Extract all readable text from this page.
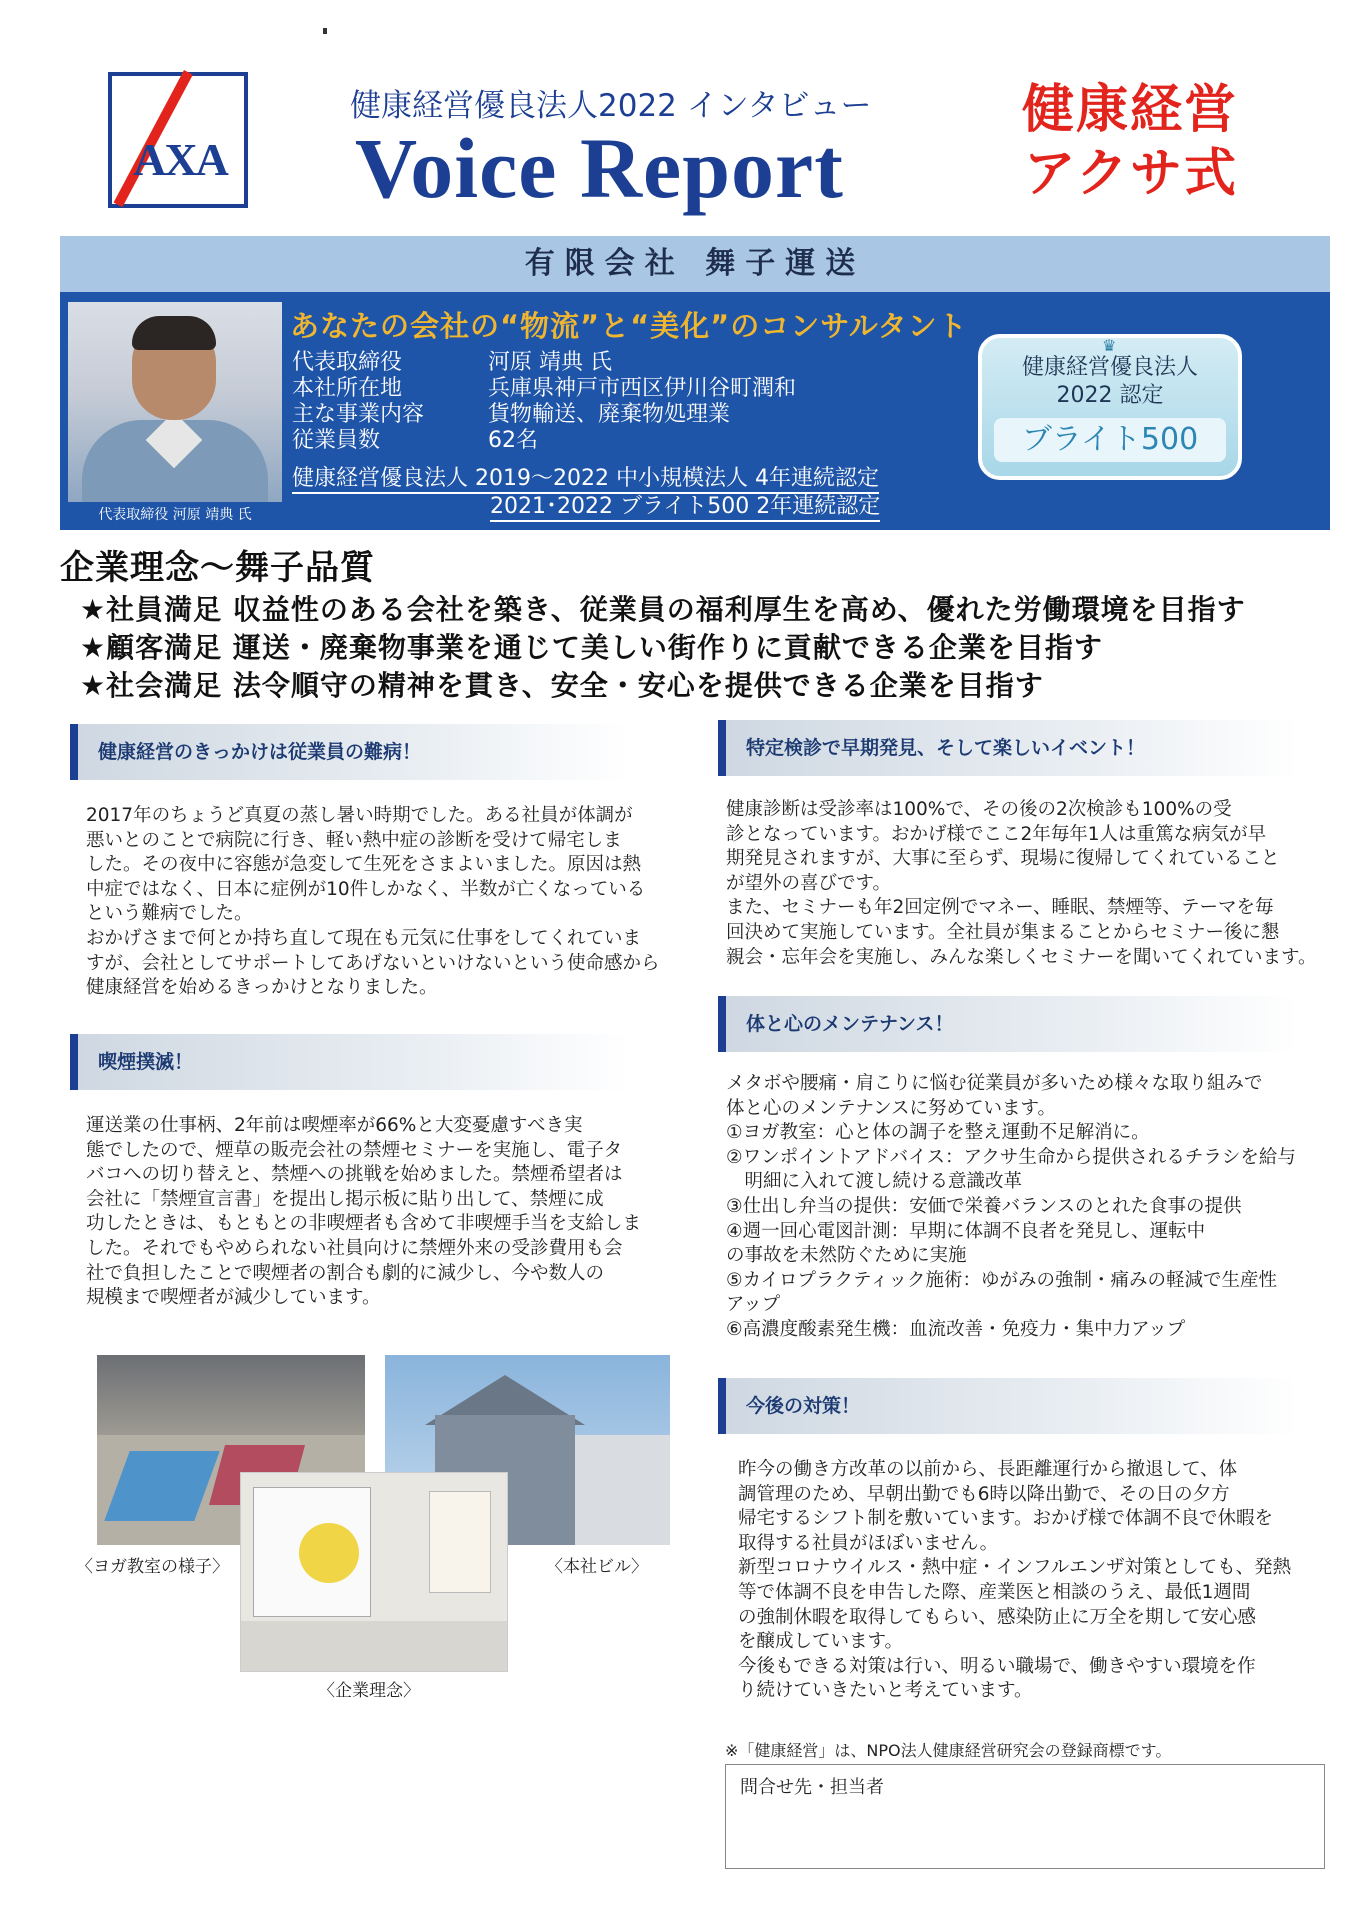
AXA
健康経営優良法人2022 インタビュー
Voice Report
健康経営
アクサ式
有限会社 舞子運送
代表取締役 河原 靖典 氏
あなたの会社の“物流”と“美化”のコンサルタント
代表取締役	河原 靖典 氏
本社所在地	兵庫県神戸市西区伊川谷町潤和
主な事業内容	貨物輸送、廃棄物処理業
従業員数	62名
健康経営優良法人 2019～2022 中小規模法人 4年連続認定
2021･2022 ブライト500 2年連続認定
♛
健康経営優良法人
2022 認定
ブライト500
企業理念～舞子品質
★社員満足 収益性のある会社を築き、従業員の福利厚生を高め、優れた労働環境を目指す
★顧客満足 運送・廃棄物事業を通じて美しい街作りに貢献できる企業を目指す
★社会満足 法令順守の精神を貫き、安全・安心を提供できる企業を目指す
健康経営のきっかけは従業員の難病！
2017年のちょうど真夏の蒸し暑い時期でした。ある社員が体調が
悪いとのことで病院に行き、軽い熱中症の診断を受けて帰宅しま
した。その夜中に容態が急変して生死をさまよいました。原因は熱
中症ではなく、日本に症例が10件しかなく、半数が亡くなっている
という難病でした。
おかげさまで何とか持ち直して現在も元気に仕事をしてくれていま
すが、会社としてサポートしてあげないといけないという使命感から
健康経営を始めるきっかけとなりました。
喫煙撲滅！
運送業の仕事柄、2年前は喫煙率が66%と大変憂慮すべき実
態でしたので、煙草の販売会社の禁煙セミナーを実施し、電子タ
バコへの切り替えと、禁煙への挑戦を始めました。禁煙希望者は
会社に「禁煙宣言書」を提出し掲示板に貼り出して、禁煙に成
功したときは、もともとの非喫煙者も含めて非喫煙手当を支給しま
した。それでもやめられない社員向けに禁煙外来の受診費用も会
社で負担したことで喫煙者の割合も劇的に減少し、今や数人の
規模まで喫煙者が減少しています。
〈ヨガ教室の様子〉	〈本社ビル〉
〈企業理念〉
特定検診で早期発見、そして楽しいイベント！
健康診断は受診率は100%で、その後の2次検診も100%の受
診となっています。おかげ様でここ2年毎年1人は重篤な病気が早
期発見されますが、大事に至らず、現場に復帰してくれていること
が望外の喜びです。
また、セミナーも年2回定例でマネー、睡眠、禁煙等、テーマを毎
回決めて実施しています。全社員が集まることからセミナー後に懇
親会・忘年会を実施し、みんな楽しくセミナーを聞いてくれています。
体と心のメンテナンス！
メタボや腰痛・肩こりに悩む従業員が多いため様々な取り組みで
体と心のメンテナンスに努めています。
①ヨガ教室：心と体の調子を整え運動不足解消に。
②ワンポイントアドバイス：アクサ生命から提供されるチラシを給与
　明細に入れて渡し続ける意識改革
③仕出し弁当の提供：安価で栄養バランスのとれた食事の提供
④週一回心電図計測：早期に体調不良者を発見し、運転中
の事故を未然防ぐために実施
⑤カイロプラクティック施術：ゆがみの強制・痛みの軽減で生産性
アップ
⑥高濃度酸素発生機：血流改善・免疫力・集中力アップ
今後の対策！
昨今の働き方改革の以前から、長距離運行から撤退して、体
調管理のため、早朝出勤でも6時以降出勤で、その日の夕方
帰宅するシフト制を敷いています。おかげ様で体調不良で休暇を
取得する社員がほぼいません。
新型コロナウイルス・熱中症・インフルエンザ対策としても、発熱
等で体調不良を申告した際、産業医と相談のうえ、最低1週間
の強制休暇を取得してもらい、感染防止に万全を期して安心感
を醸成しています。
今後もできる対策は行い、明るい職場で、働きやすい環境を作
り続けていきたいと考えています。
※「健康経営」は、NPO法人健康経営研究会の登録商標です。
問合せ先・担当者
